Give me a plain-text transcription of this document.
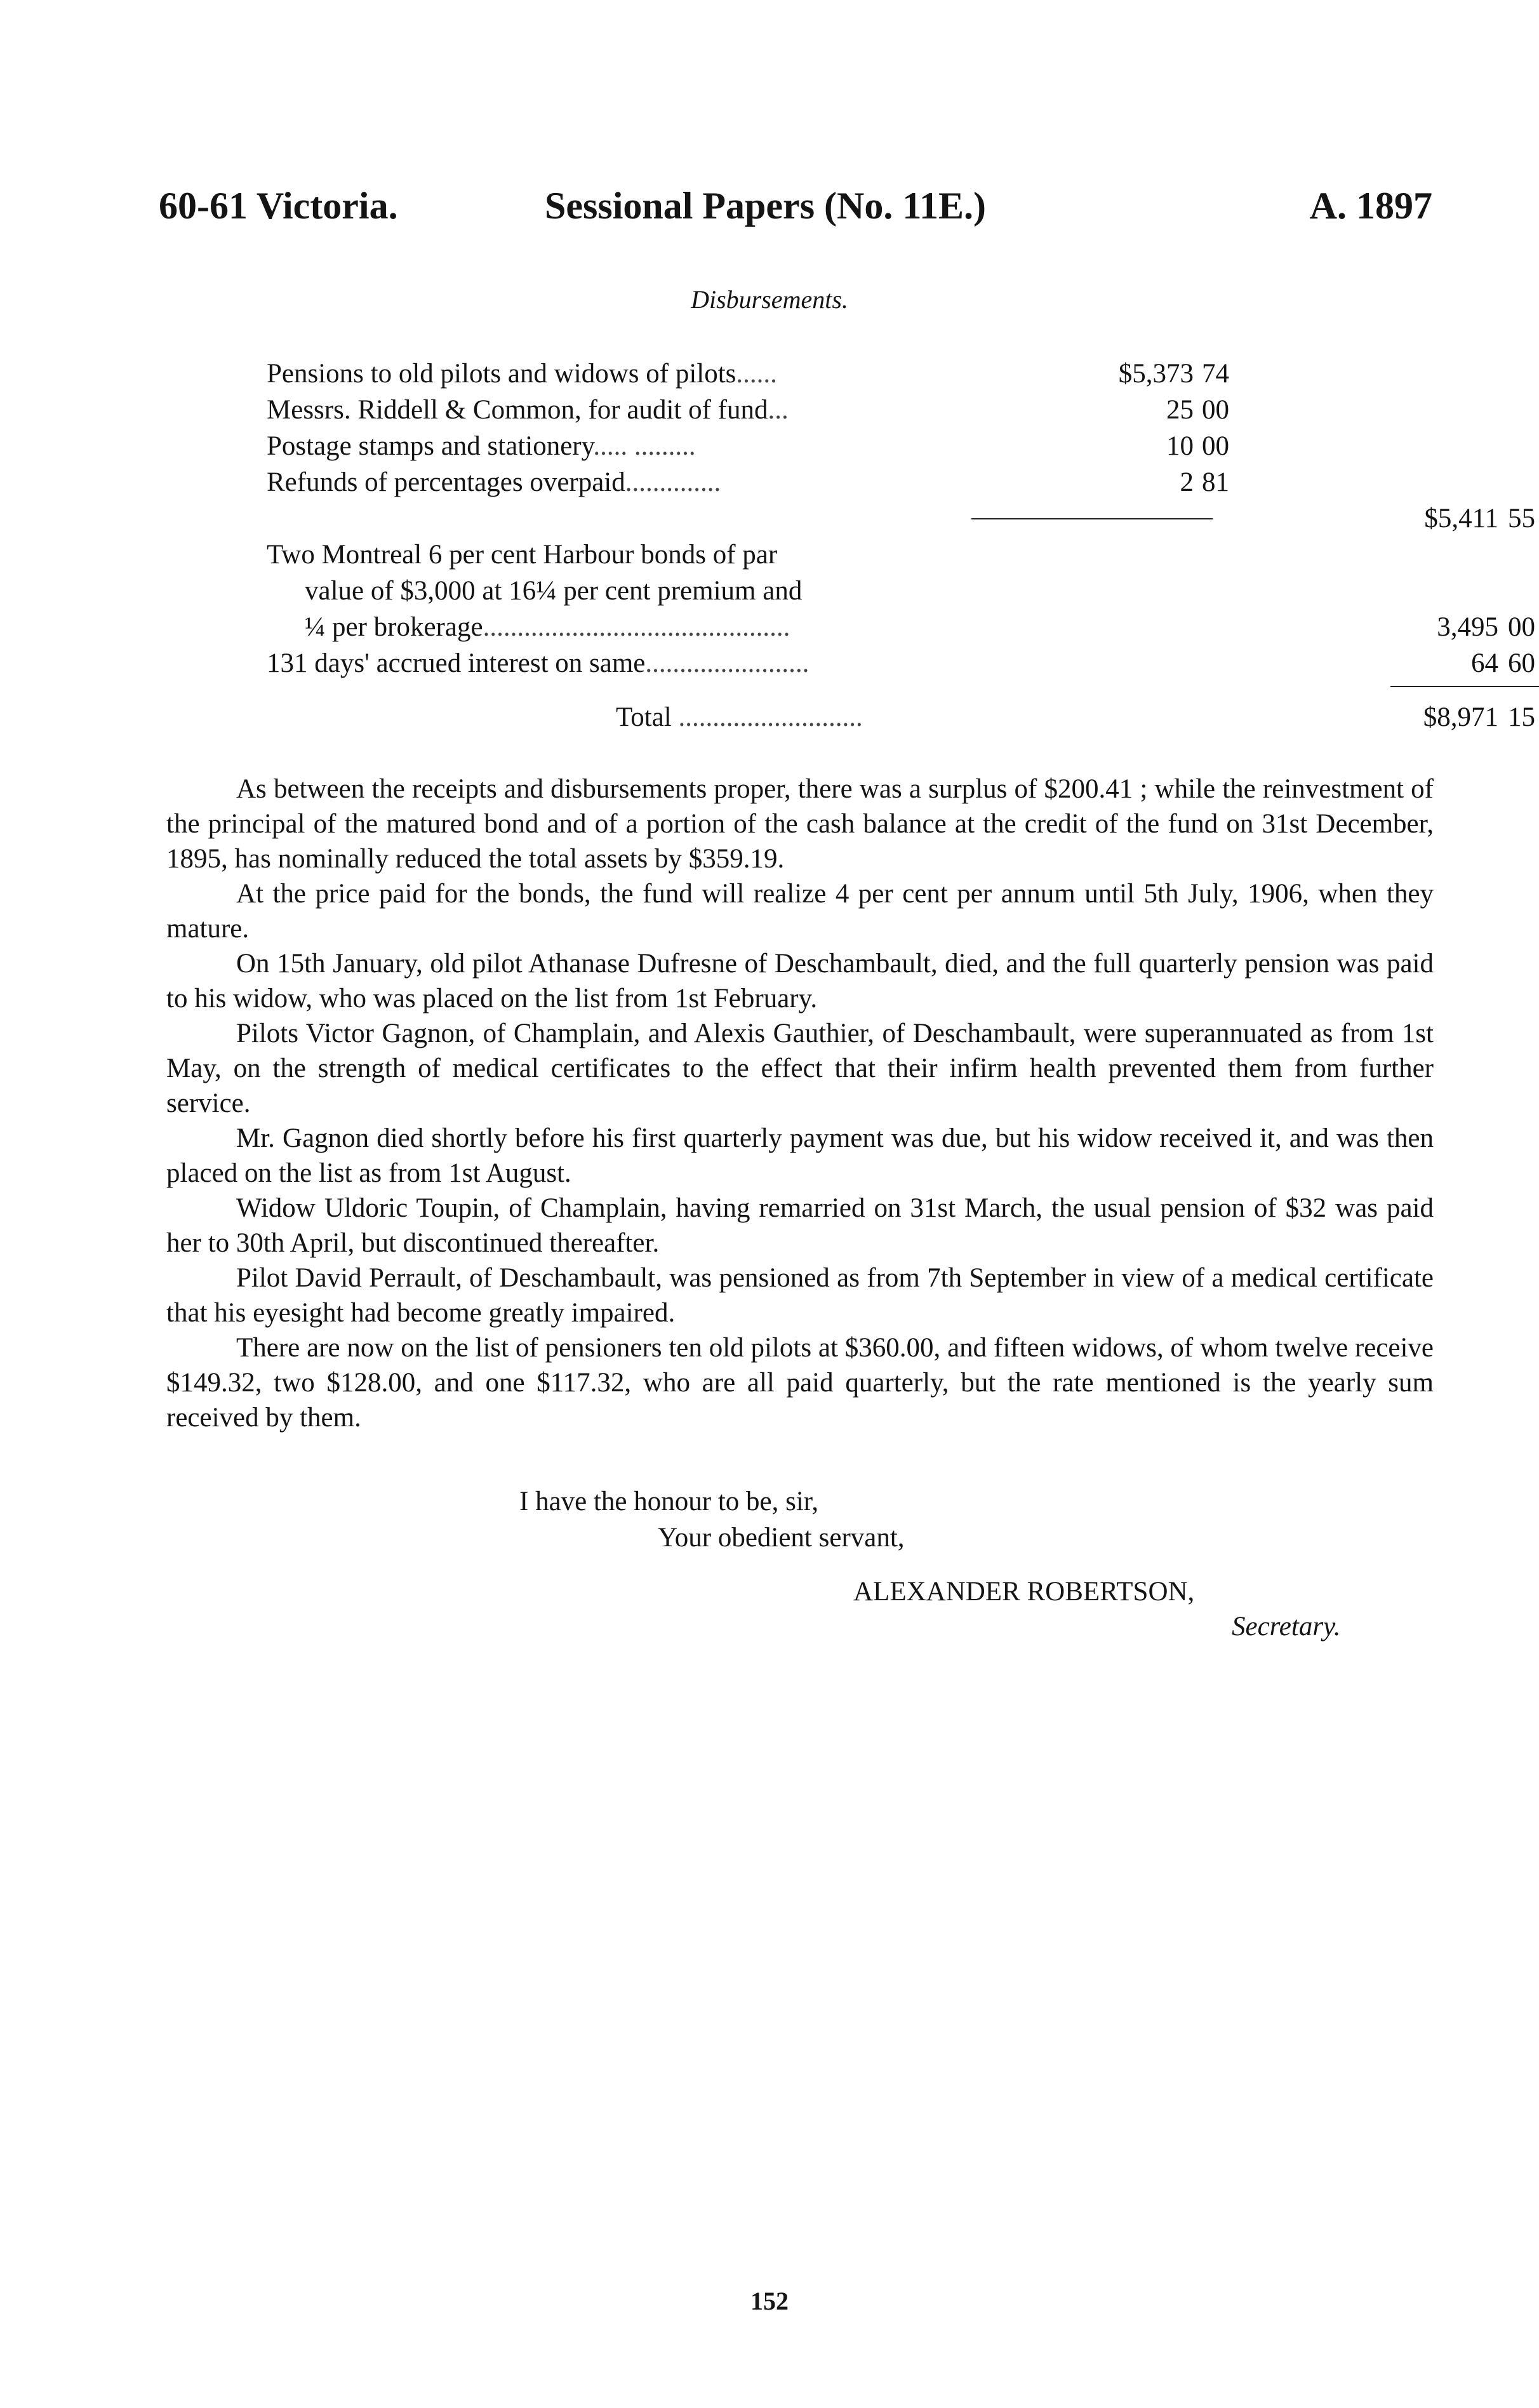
60-61 Victoria.	Sessional Papers (No. 11E.)	A. 1897
Disbursements.
Pensions to old pilots and widows of pilots......	$5,373 74
Messrs. Riddell & Common, for audit of fund...	25 00
Postage stamps and stationery..... .........	10 00
Refunds of percentages overpaid..............	2 81
$5,411 55
Two Montreal 6 per cent Harbour bonds of par
value of $3,000 at 16¼ per cent premium and
¼ per brokerage.............................................	3,495 00
131 days' accrued interest on same........................	64 60
Total ...........................	$8,971 15

As between the receipts and disbursements proper, there was a surplus of $200.41 ; while the reinvestment of the principal of the matured bond and of a portion of the cash balance at the credit of the fund on 31st December, 1895, has nominally reduced the total assets by $359.19.

At the price paid for the bonds, the fund will realize 4 per cent per annum until 5th July, 1906, when they mature.

On 15th January, old pilot Athanase Dufresne of Deschambault, died, and the full quarterly pension was paid to his widow, who was placed on the list from 1st February.

Pilots Victor Gagnon, of Champlain, and Alexis Gauthier, of Deschambault, were superannuated as from 1st May, on the strength of medical certificates to the effect that their infirm health prevented them from further service.

Mr. Gagnon died shortly before his first quarterly payment was due, but his widow received it, and was then placed on the list as from 1st August.

Widow Uldoric Toupin, of Champlain, having remarried on 31st March, the usual pension of $32 was paid her to 30th April, but discontinued thereafter.

Pilot David Perrault, of Deschambault, was pensioned as from 7th September in view of a medical certificate that his eyesight had become greatly impaired.

There are now on the list of pensioners ten old pilots at $360.00, and fifteen widows, of whom twelve receive $149.32, two $128.00, and one $117.32, who are all paid quarterly, but the rate mentioned is the yearly sum received by them.

I have the honour to be, sir,
Your obedient servant,
ALEXANDER ROBERTSON,
Secretary.
152
